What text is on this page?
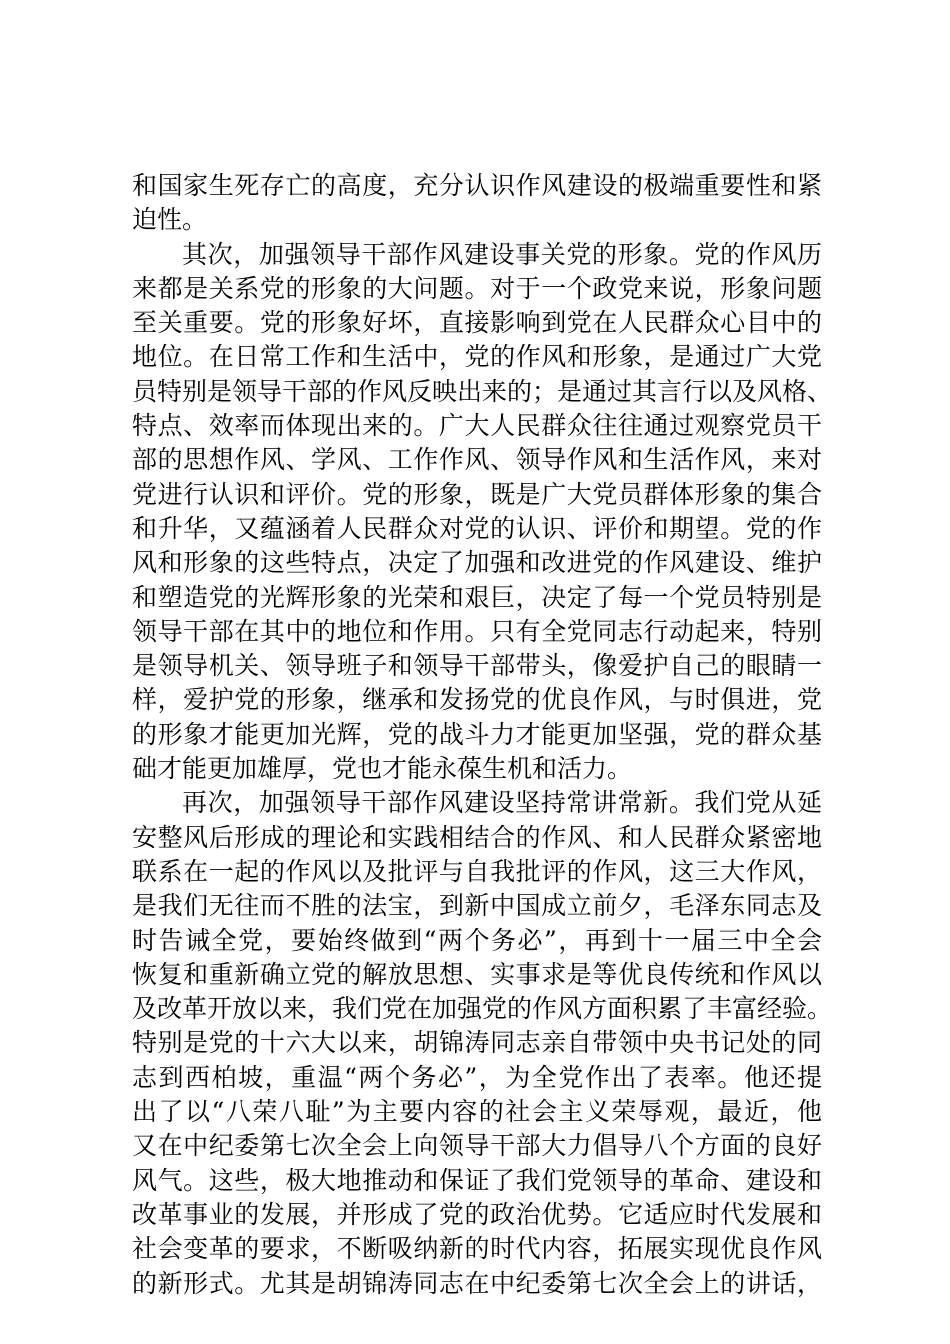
和国家生死存亡的高度，充分认识作风建设的极端重要性和紧
迫性。
其次，加强领导干部作风建设事关党的形象。党的作风历
来都是关系党的形象的大问题。对于一个政党来说，形象问题
至关重要。党的形象好坏，直接影响到党在人民群众心目中的
地位。在日常工作和生活中，党的作风和形象，是通过广大党
员特别是领导干部的作风反映出来的；是通过其言行以及风格、
特点、效率而体现出来的。广大人民群众往往通过观察党员干
部的思想作风、学风、工作作风、领导作风和生活作风，来对
党进行认识和评价。党的形象，既是广大党员群体形象的集合
和升华，又蕴涵着人民群众对党的认识、评价和期望。党的作
风和形象的这些特点，决定了加强和改进党的作风建设、维护
和塑造党的光辉形象的光荣和艰巨，决定了每一个党员特别是
领导干部在其中的地位和作用。只有全党同志行动起来，特别
是领导机关、领导班子和领导干部带头，像爱护自己的眼睛一
样，爱护党的形象，继承和发扬党的优良作风，与时俱进，党
的形象才能更加光辉，党的战斗力才能更加坚强，党的群众基
础才能更加雄厚，党也才能永葆生机和活力。
再次，加强领导干部作风建设坚持常讲常新。我们党从延
安整风后形成的理论和实践相结合的作风、和人民群众紧密地
联系在一起的作风以及批评与自我批评的作风，这三大作风，
是我们无往而不胜的法宝，到新中国成立前夕，毛泽东同志及
时告诫全党，要始终做到“两个务必”，再到十一届三中全会
恢复和重新确立党的解放思想、实事求是等优良传统和作风以
及改革开放以来，我们党在加强党的作风方面积累了丰富经验。
特别是党的十六大以来，胡锦涛同志亲自带领中央书记处的同
志到西柏坡，重温“两个务必”，为全党作出了表率。他还提
出了以“八荣八耻”为主要内容的社会主义荣辱观，最近，他
又在中纪委第七次全会上向领导干部大力倡导八个方面的良好
风气。这些，极大地推动和保证了我们党领导的革命、建设和
改革事业的发展，并形成了党的政治优势。它适应时代发展和
社会变革的要求，不断吸纳新的时代内容，拓展实现优良作风
的新形式。尤其是胡锦涛同志在中纪委第七次全会上的讲话，
